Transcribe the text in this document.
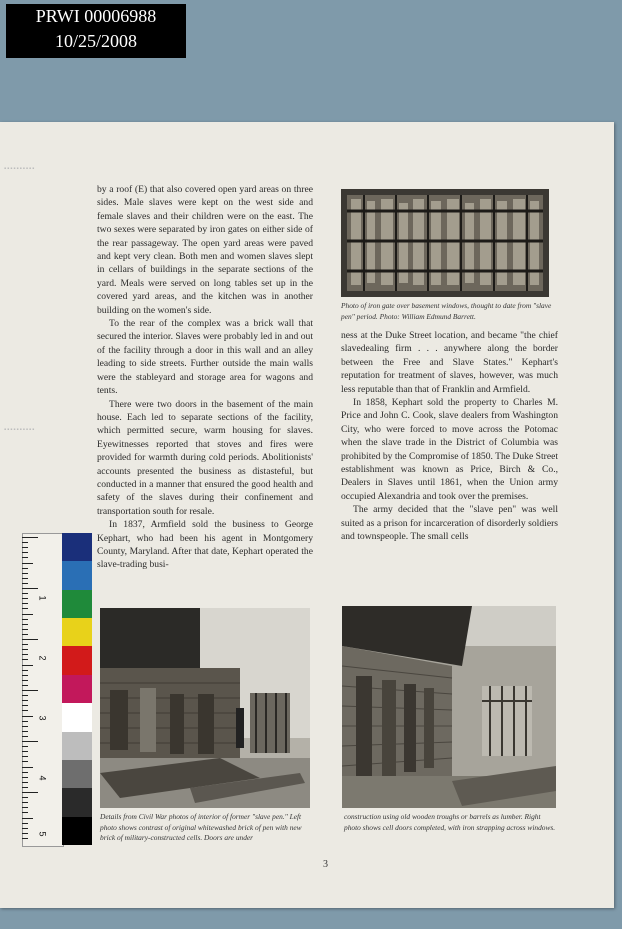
PRWI 00006988
10/25/2008
▪▪▪▪▪▪▪▪▪▪
▪▪▪▪▪▪▪▪▪▪

by a roof (E) that also covered open yard areas on three sides. Male slaves were kept on the west side and female slaves and their children were on the east. The two sexes were separated by iron gates on either side of the rear passageway. The open yard areas were paved and kept very clean. Both men and women slaves slept in cellars of buildings in the separate sections of the yard. Meals were served on long tables set up in the covered yard areas, and the kitchen was in another building on the women's side.

To the rear of the complex was a brick wall that secured the interior. Slaves were probably led in and out of the facility through a door in this wall and an alley leading to side streets. Further outside the main walls were the stableyard and storage area for wagons and tents.

There were two doors in the basement of the main house. Each led to separate sections of the facility, which permitted secure, warm housing for slaves. Eyewitnesses reported that stoves and fires were provided for warmth during cold periods. Abolitionists' accounts presented the business as distasteful, but conducted in a manner that ensured the good health and safety of the slaves during their confinement and transportation south for resale.

In 1837, Armfield sold the business to George Kephart, who had been his agent in Montgomery County, Maryland. After that date, Kephart operated the slave-trading busi-

Photo of iron gate over basement windows, thought to date from "slave pen" period. Photo: William Edmund Barrett.

ness at the Duke Street location, and became "the chief slavedealing firm . . . anywhere along the border between the Free and Slave States." Kephart's reputation for treatment of slaves, however, was much less reputable than that of Franklin and Armfield.

In 1858, Kephart sold the property to Charles M. Price and John C. Cook, slave dealers from Washington City, who were forced to move across the Potomac when the slave trade in the District of Columbia was prohibited by the Compromise of 1850. The Duke Street establishment was known as Price, Birch & Co., Dealers in Slaves until 1861, when the Union army occupied Alexandria and took over the premises.

The army decided that the "slave pen" was well suited as a prison for incarceration of disorderly soldiers and townspeople. The small cells

Details from Civil War photos of interior of former "slave pen." Left photo shows contrast of original whitewashed brick of pen with new brick of military-constructed cells. Doors are under

construction using old wooden troughs or barrels as lumber. Right photo shows cell doors completed, with iron strapping across windows.

3
1
2
3
4
5
